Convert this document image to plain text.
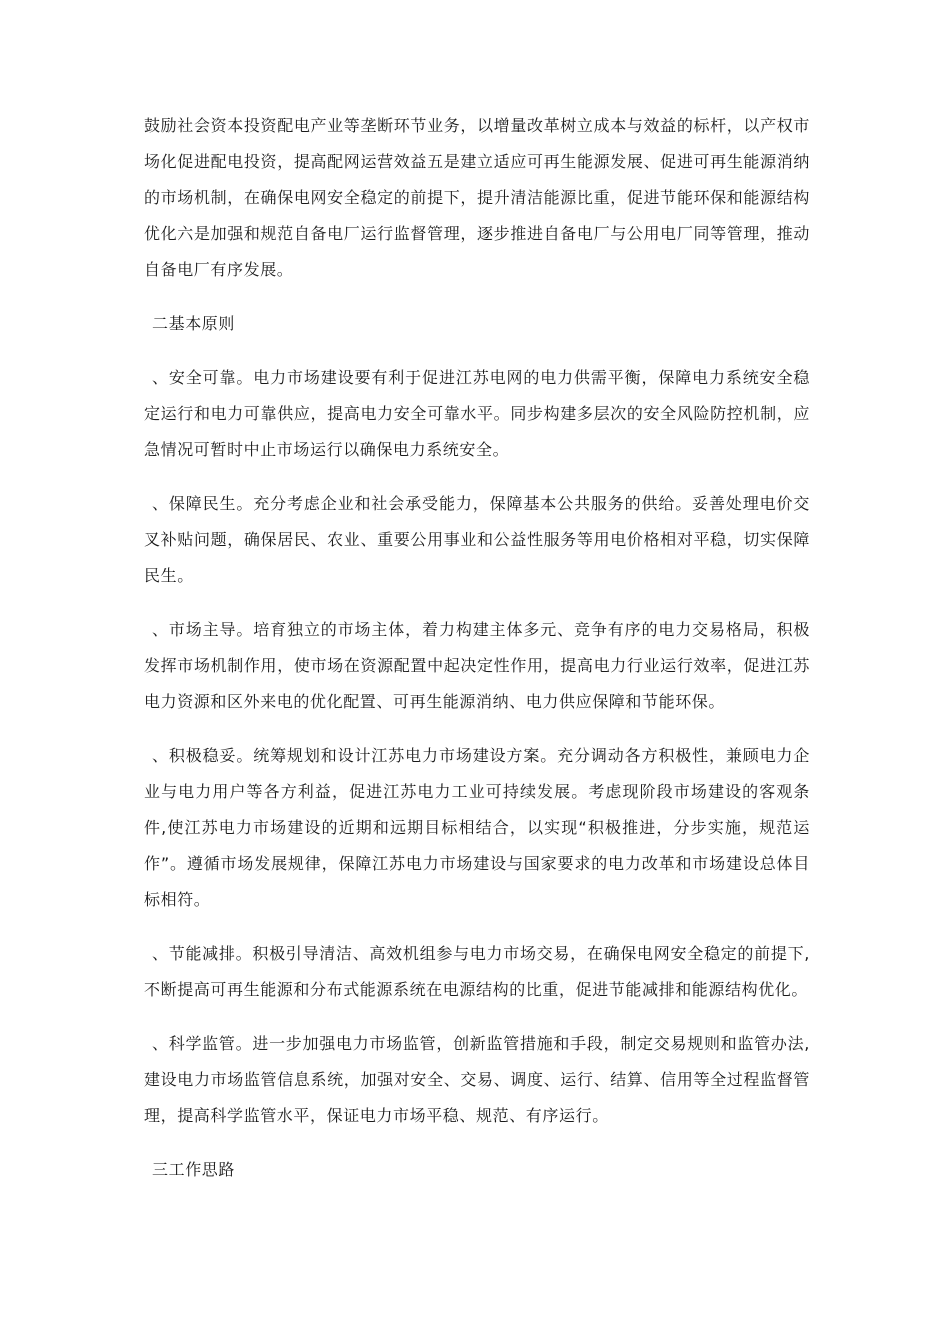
鼓励社会资本投资配电产业等垄断环节业务，以增量改革树立成本与效益的标杆，以产权市场化促进配电投资，提高配网运营效益五是建立适应可再生能源发展、促进可再生能源消纳的市场机制，在确保电网安全稳定的前提下，提升清洁能源比重，促进节能环保和能源结构优化六是加强和规范自备电厂运行监督管理，逐步推进自备电厂与公用电厂同等管理，推动自备电厂有序发展。

二基本原则

、安全可靠。电力市场建设要有利于促进江苏电网的电力供需平衡，保障电力系统安全稳定运行和电力可靠供应，提高电力安全可靠水平。同步构建多层次的安全风险防控机制，应急情况可暂时中止市场运行以确保电力系统安全。

、保障民生。充分考虑企业和社会承受能力，保障基本公共服务的供给。妥善处理电价交叉补贴问题，确保居民、农业、重要公用事业和公益性服务等用电价格相对平稳，切实保障民生。

、市场主导。培育独立的市场主体，着力构建主体多元、竞争有序的电力交易格局，积极发挥市场机制作用，使市场在资源配置中起决定性作用，提高电力行业运行效率，促进江苏电力资源和区外来电的优化配置、可再生能源消纳、电力供应保障和节能环保。

、积极稳妥。统筹规划和设计江苏电力市场建设方案。充分调动各方积极性，兼顾电力企业与电力用户等各方利益，促进江苏电力工业可持续发展。考虑现阶段市场建设的客观条件,使江苏电力市场建设的近期和远期目标相结合，以实现“积极推进，分步实施，规范运作”。遵循市场发展规律，保障江苏电力市场建设与国家要求的电力改革和市场建设总体目标相符。

、节能减排。积极引导清洁、高效机组参与电力市场交易，在确保电网安全稳定的前提下,不断提高可再生能源和分布式能源系统在电源结构的比重，促进节能减排和能源结构优化。

、科学监管。进一步加强电力市场监管，创新监管措施和手段，制定交易规则和监管办法,建设电力市场监管信息系统，加强对安全、交易、调度、运行、结算、信用等全过程监督管理，提高科学监管水平，保证电力市场平稳、规范、有序运行。

三工作思路
